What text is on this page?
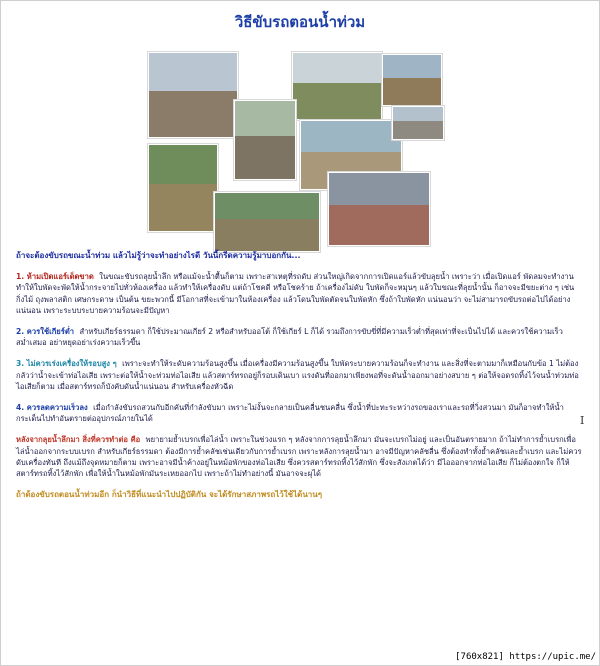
วิธีขับรถตอนน้ำท่วม
ถ้าจะต้องขับรถขณะน้ำท่วม แล้วไม่รู้ว่าจะทำอย่างไรดี วันนี้กรีดความรู้มาบอกกัน...
1. ห้ามเปิดแอร์เด็ดขาด ในขณะขับรถลุยน้ำลึก หรือแม้จะน้ำตื้นก็ตาม เพราะสาเหตุที่รถดับ ส่วนใหญ่เกิดจากการเปิดแอร์แล้วขับลุยน้ำ เพราะว่า เมื่อเปิดแอร์ พัดลมจะทำงาน ทำให้ใบพัดจะพัดให้น้ำกระจายไปทั่วห้องเครื่อง แล้วทำให้เครื่องดับ แต่ถ้าโชคดี หรือโชคร้าย ถ้าเครื่องไม่ดับ ใบพัดก็จะหมุนๆ แล้วใบขณะที่ลุยน้ำนั้น ก็อาจจะมีขยะต่าง ๆ เช่น กิ่งไม้ ถุงพลาสติก เศษกระดาษ เป็นต้น ขยะพวกนี้ มีโอกาสที่จะเข้ามาในห้องเครื่อง แล้วโดนใบพัดตัดจนใบพัดหัก ซึ่งถ้าใบพัดหัก แน่นอนว่า จะไม่สามารถขับรถต่อไปได้อย่างแน่นอน เพราะระบบระบายความร้อนจะมีปัญหา
2. ควรใช้เกียร์ต่ำ สำหรับเกียร์ธรรมดา ก็ใช้ประมาณเกียร์ 2 หรือสำหรับออโต้ ก็ใช้เกียร์ L ก็ได้ รวมถึงการขับขี่ที่มีความเร็วต่ำที่สุดเท่าที่จะเป็นไปได้ และควรใช้ความเร็วสม่ำเสมอ อย่าหยุดอย่าเร่งความเร็วขึ้น
3. ไม่ควรเร่งเครื่องให้รอบสูง ๆ เพราะจะทำให้ระดับความร้อนสูงขึ้น เมื่อเครื่องมีความร้อนสูงขึ้น ใบพัดระบายความร้อนก็จะทำงาน และสิ่งที่จะตามมาก็เหมือนกับข้อ 1 ไม่ต้องกลัวว่าน้ำจะเข้าท่อไอเสีย เพราะต่อให้น้ำจะท่วมท่อไอเสีย แล้วสตาร์ทรถอยู่ก็รอบเดินเบา แรงดันที่ออกมาเพียงพอที่จะดันน้ำออกมาอย่างสบาย ๆ ต่อให้จอดรถทิ้งไว้จนน้ำท่วมท่อไอเสียก็ตาม เมื่อสตาร์ทรถก็บังคับดันน้ำแน่นอน สำหรับเครื่องหัวฉีด
4. ควรลดความเร็วลง เมื่อกำลังขับรถสวนกับอีกคันที่กำลังขับมา เพราะไม่งั้นจะกลายเป็นคลื่นชนคลื่น ซึ่งน้ำที่ปะทะระหว่างรถของเราและรถที่วิ่งสวนมา มันก็อาจทำให้น้ำกระเด็นไปทำอันตรายต่ออุปกรณ์ภายในได้
หลังจากลุยน้ำลึกมา สิ่งที่ควรทำต่อ คือ พยายามย้ำเบรกเพื่อไล่น้ำ เพราะในช่วงแรก ๆ หลังจากการลุยน้ำลึกมา มันจะเบรกไม่อยู่ และเป็นอันตรายมาก ถ้าไม่ทำการย้ำเบรกเพื่อไล่น้ำออกจากระบบเบรก สำหรับเกียร์ธรรมดา ต้องมีการย้ำคลัชเช่นเดียวกับการย้ำเบรก เพราะหลังการลุยน้ำมา อาจมีปัญหาคลัชลื่น ซึ่งต้องทำทั้งย้ำคลัชและย้ำเบรก และไม่ควรดับเครื่องทันที ถึงแม้ถึงจุดหมายก็ตาม เพราะอาจมีน้ำค้างอยู่ในหม้อพักของท่อไอเสีย ซึ่งควรสตาร์ทรถทิ้งไว้สักพัก ซึ่งจะสังเกตได้ว่า มีไอออกจากท่อไอเสีย ก็ไม่ต้องตกใจ ก็ให้สตาร์ทรถทิ้งไว้สักพัก เพื่อให้น้ำในหม้อพักมันระเหยออกไป เพราะถ้าไม่ทำอย่างนี้ มันอาจจะผุได้
ถ้าต้องขับรถตอนน้ำท่วมอีก ก็นำวิธีที่แนะนำไปปฏิบัติกัน จะได้รักษาสภาพรถไว้ใช้ได้นานๆ
I
[760x821] https://upic.me/
